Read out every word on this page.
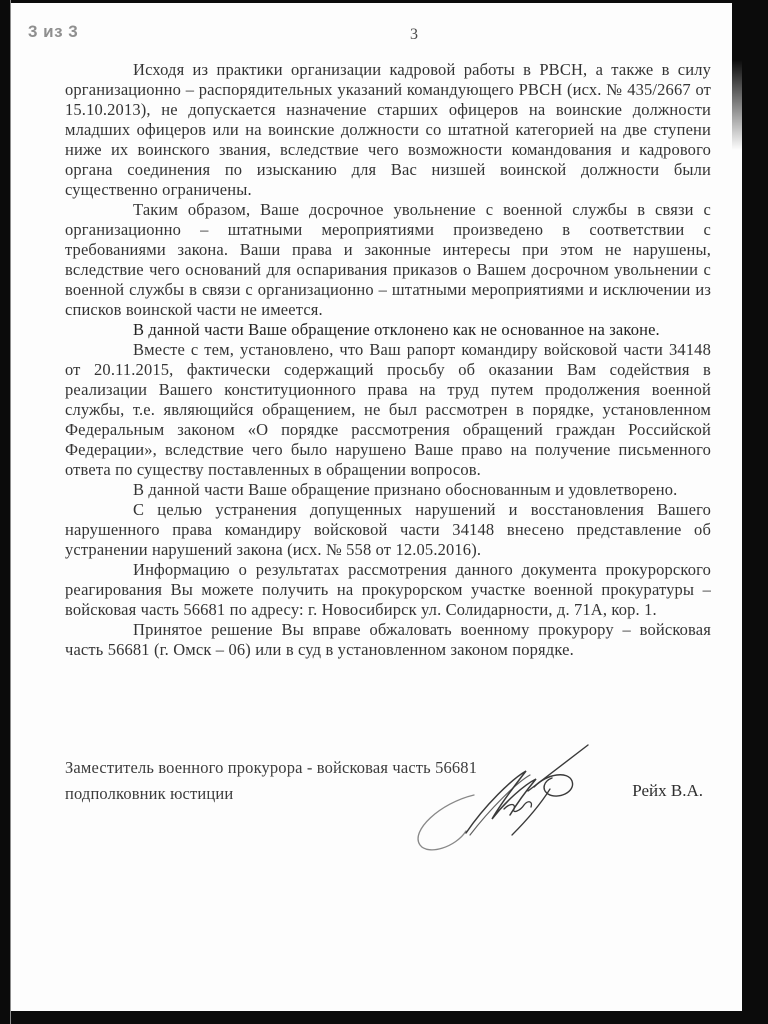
3 из 3	3

Исходя из практики организации кадровой работы в РВСН, а также в силу организационно – распорядительных указаний командующего РВСН (исх. № 435/2667 от 15.10.2013), не допускается назначение старших офицеров на воинские должности младших офицеров или на воинские должности со штатной категорией на две ступени ниже их воинского звания, вследствие чего возможности командования и кадрового органа соединения по изысканию для Вас низшей воинской должности были существенно ограничены.

Таким образом, Ваше досрочное увольнение с военной службы в связи с организационно – штатными мероприятиями произведено в соответствии с требованиями закона. Ваши права и законные интересы при этом не нарушены, вследствие чего оснований для оспаривания приказов о Вашем досрочном увольнении с военной службы в связи с организационно – штатными мероприятиями и исключении из списков воинской части не имеется.

В данной части Ваше обращение отклонено как не основанное на законе.

Вместе с тем, установлено, что Ваш рапорт командиру войсковой части 34148 от 20.11.2015, фактически содержащий просьбу об оказании Вам содействия в реализации Вашего конституционного права на труд путем продолжения военной службы, т.е. являющийся обращением, не был рассмотрен в порядке, установленном Федеральным законом «О порядке рассмотрения обращений граждан Российской Федерации», вследствие чего было нарушено Ваше право на получение письменного ответа по существу поставленных в обращении вопросов.

В данной части Ваше обращение признано обоснованным и удовлетворено.

С целью устранения допущенных нарушений и восстановления Вашего нарушенного права командиру войсковой части 34148 внесено представление об устранении нарушений закона (исх. № 558 от 12.05.2016).

Информацию о результатах рассмотрения данного документа прокурорского реагирования Вы можете получить на прокурорском участке военной прокуратуры – войсковая часть 56681 по адресу: г. Новосибирск ул. Солидарности, д. 71А, кор. 1.

Принятое решение Вы вправе обжаловать военному прокурору – войсковая часть 56681 (г. Омск – 06) или в суд в установленном законом порядке.

Заместитель военного прокурора - войсковая часть 56681
подполковник юстиции	Рейх В.А.
